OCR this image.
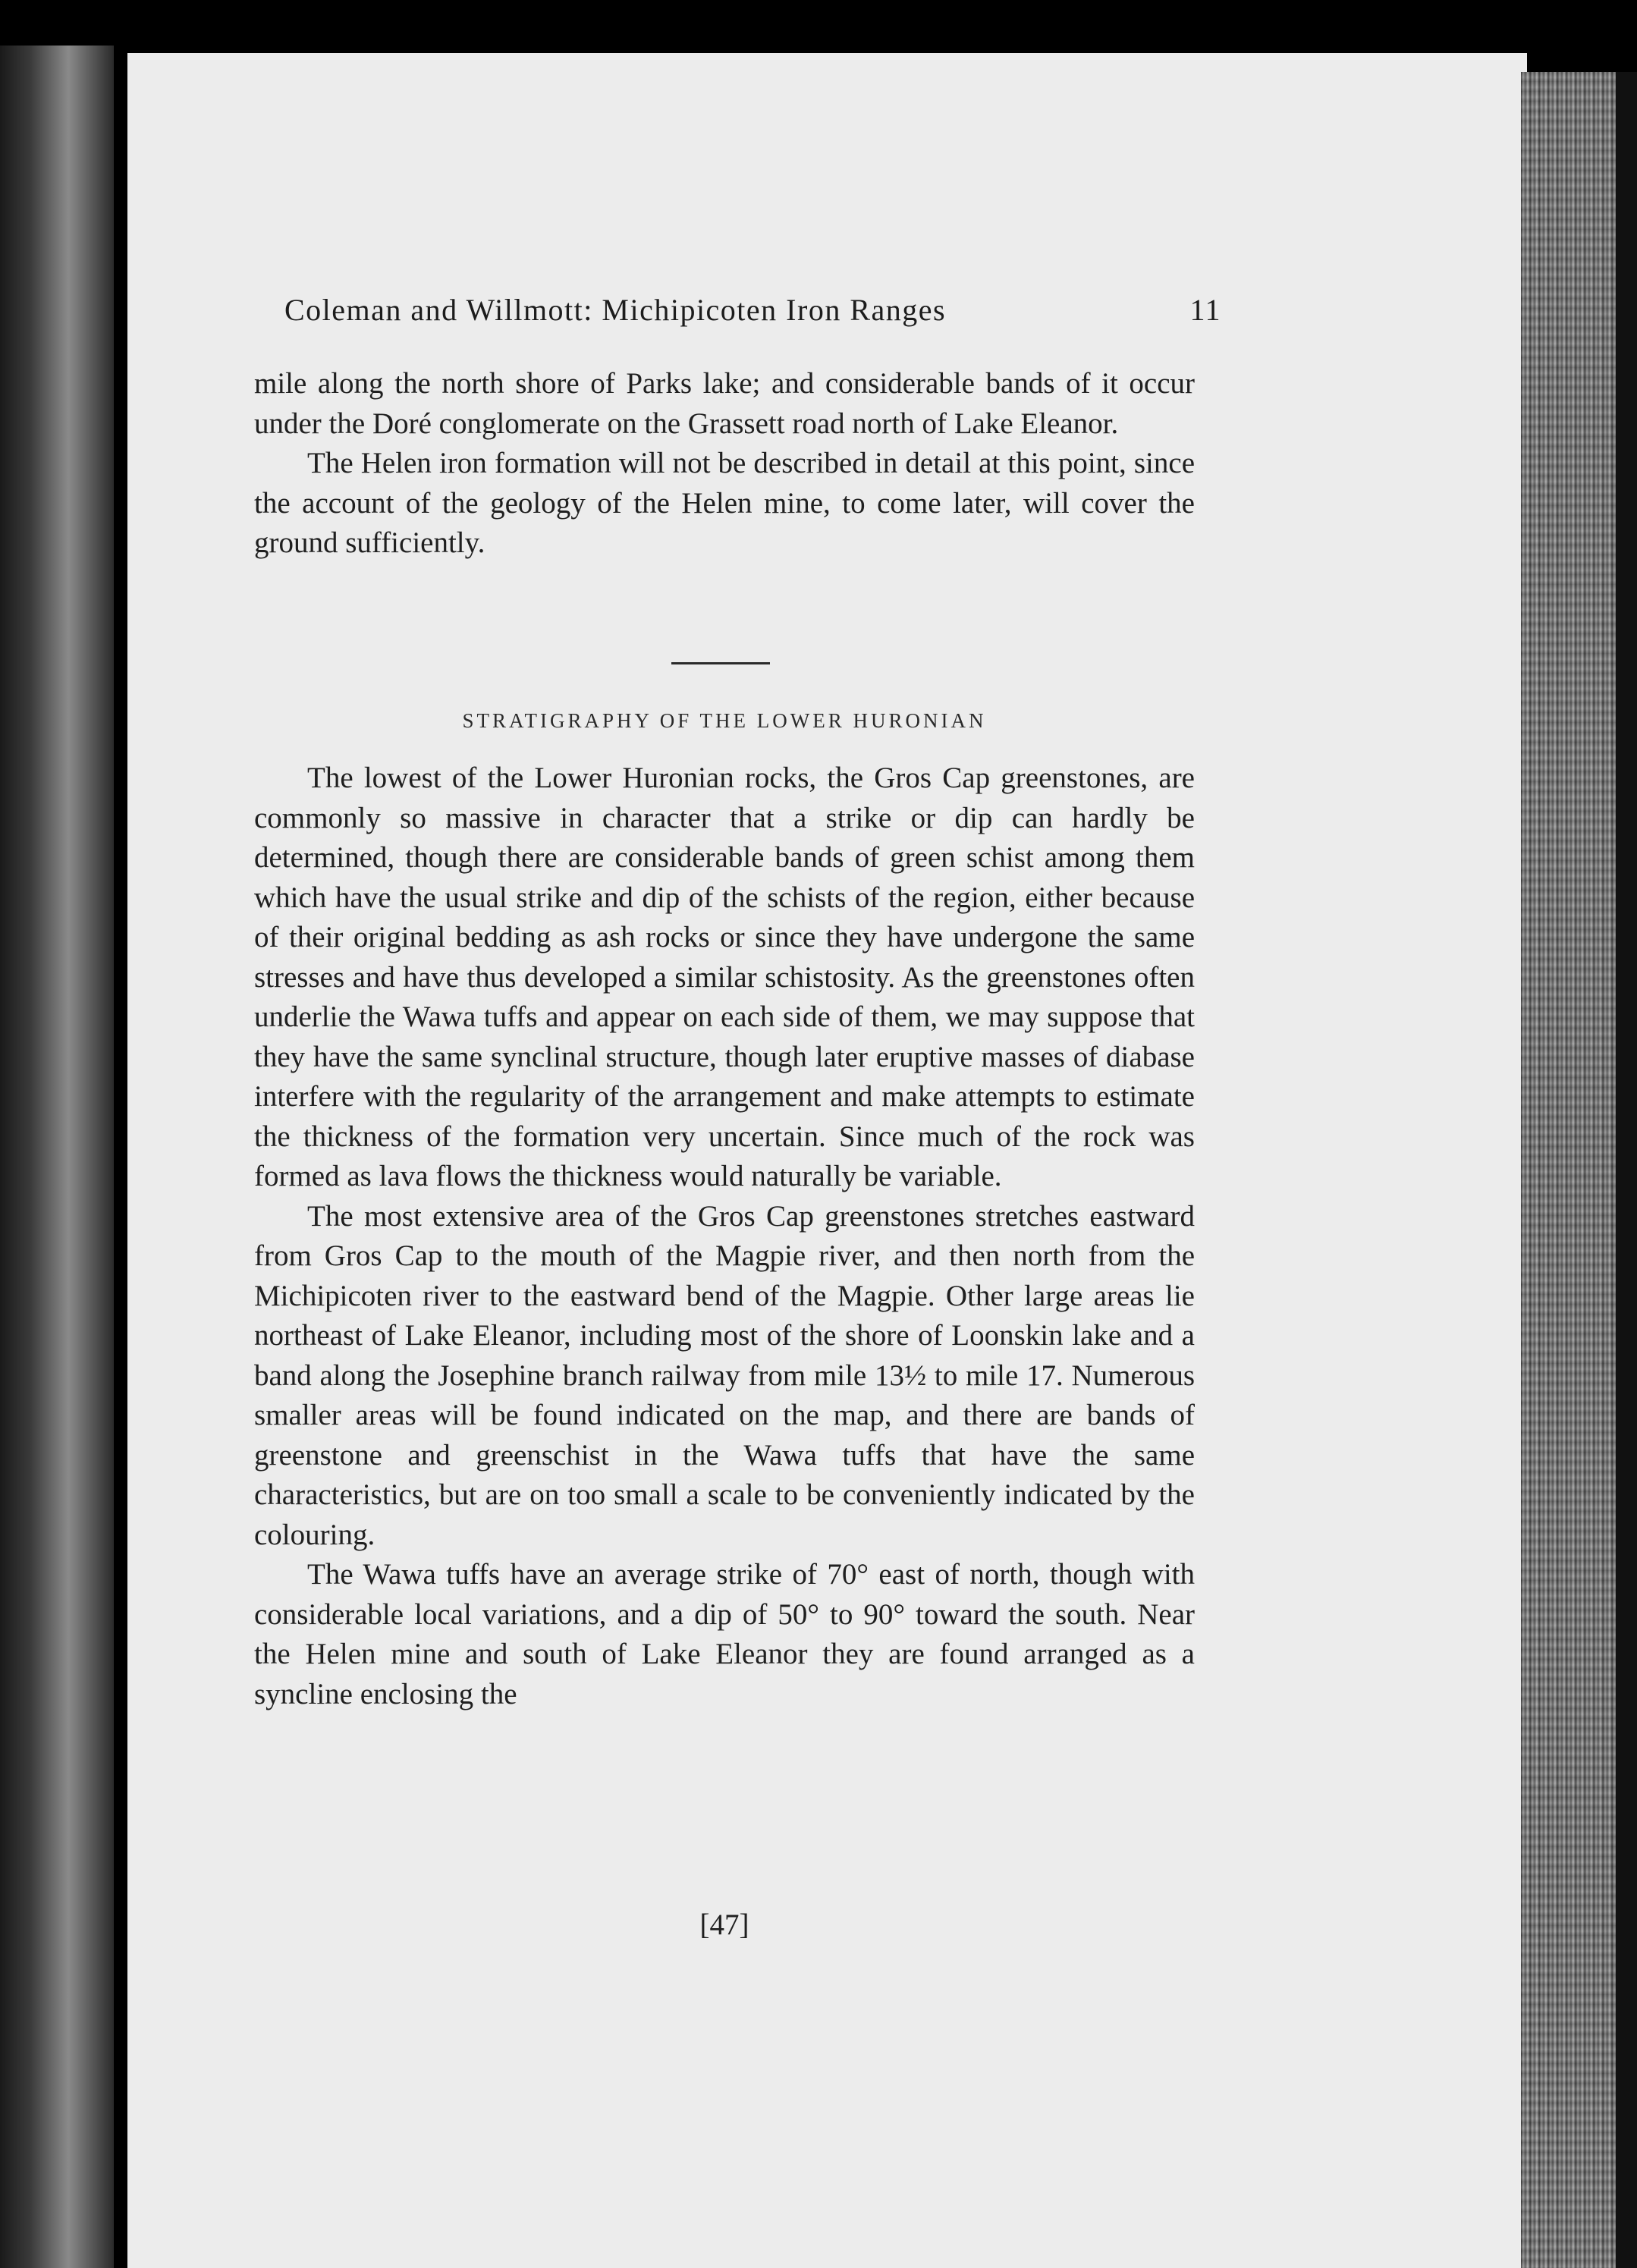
Coleman and Willmott: Michipicoten Iron Ranges	11

mile along the north shore of Parks lake; and considerable bands of it occur under the Doré conglomerate on the Grassett road north of Lake Eleanor.

The Helen iron formation will not be described in detail at this point, since the account of the geology of the Helen mine, to come later, will cover the ground sufficiently.

STRATIGRAPHY OF THE LOWER HURONIAN

The lowest of the Lower Huronian rocks, the Gros Cap greenstones, are commonly so massive in character that a strike or dip can hardly be determined, though there are considerable bands of green schist among them which have the usual strike and dip of the schists of the region, either because of their original bedding as ash rocks or since they have undergone the same stresses and have thus developed a similar schistosity. As the greenstones often underlie the Wawa tuffs and appear on each side of them, we may suppose that they have the same synclinal structure, though later eruptive masses of diabase interfere with the regularity of the arrangement and make attempts to estimate the thickness of the formation very uncertain. Since much of the rock was formed as lava flows the thickness would naturally be variable.

The most extensive area of the Gros Cap greenstones stretches eastward from Gros Cap to the mouth of the Magpie river, and then north from the Michipicoten river to the eastward bend of the Magpie. Other large areas lie northeast of Lake Eleanor, including most of the shore of Loonskin lake and a band along the Josephine branch railway from mile 13½ to mile 17. Numerous smaller areas will be found indicated on the map, and there are bands of greenstone and greenschist in the Wawa tuffs that have the same characteristics, but are on too small a scale to be conveniently indicated by the colouring.

The Wawa tuffs have an average strike of 70° east of north, though with considerable local variations, and a dip of 50° to 90° toward the south. Near the Helen mine and south of Lake Eleanor they are found arranged as a syncline enclosing the

[47]
